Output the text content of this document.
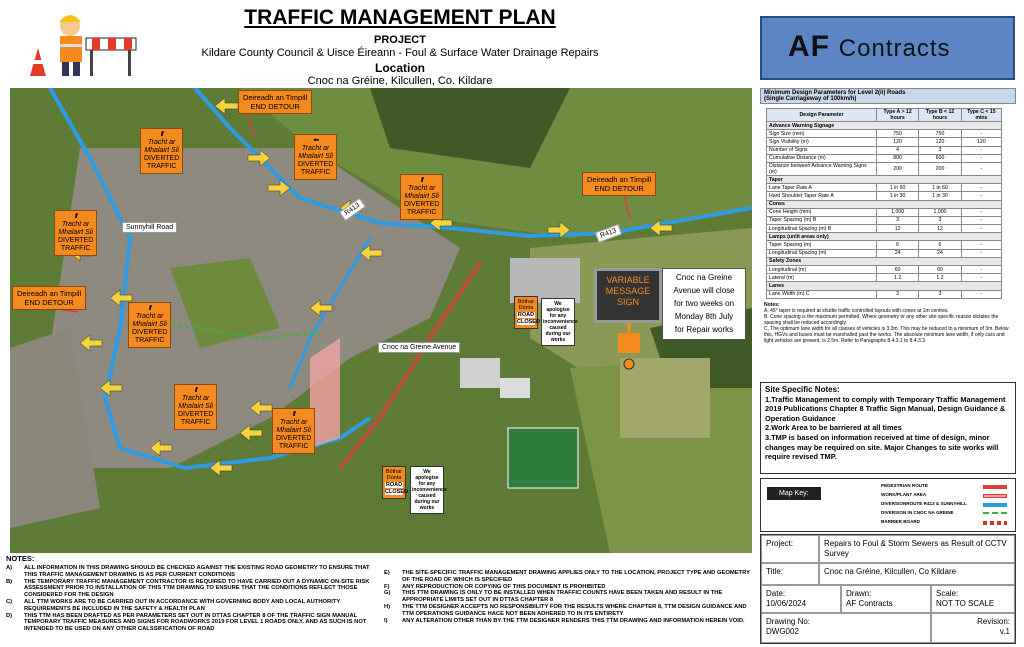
TRAFFIC MANAGEMENT PLAN
PROJECT
Kildare County Council & Uisce Éireann - Foul & Surface Water Drainage Repairs
Location
Cnoc na Gréine, Kilcullen, Co. Kildare
AF Contracts
Deireadh an Timpill
END DETOUR
Deireadh an Timpill
END DETOUR
Deireadh an Timpill
END DETOUR
⬆
Tracht ar
Mhalairt Sli
DIVERTED
TRAFFIC
⬅
Tracht ar
Mhalairt Sli
DIVERTED
TRAFFIC
⬆
Tracht ar
Mhalairt Sli
DIVERTED
TRAFFIC
⬆
Tracht ar
Mhalairt Sli
DIVERTED
TRAFFIC
⬆
Tracht ar
Mhalairt Sli
DIVERTED
TRAFFIC
⬆
Tracht ar
Mhalairt Sli
DIVERTED
TRAFFIC
⬆
Tracht ar
Mhalairt Sli
DIVERTED
TRAFFIC
Sunnyhill Road
Cnoc na Greine Avenue
R413
R413
VARIABLE
MESSAGE
SIGN
Cnoc na Greine
Avenue will close
for two weeks on
Monday 8th July
for Repair works
Bóthar
Dúnta
ROAD
CLOSED
We apologise for any inconvenience caused during our works
Bóthar
Dúnta
ROAD
CLOSED
We apologise for any inconvenience caused during our works
Minimum Design Parameters for Level 2(ii) Roads
(Single Carriageway of 100km/h)
Design Parameter	Type A > 12 hours	Type B < 12 hours	Type C < 15 mins
Advance Warning Signage			
Sign Size (mm)	750	750	-
Sign Visibility (m)	120	120	120
Number of Signs	4	3	-
Cumulative Distance (m)	800	600	-
Distance between Advance Warning Signs (m)	200	200	-
Taper			
Lane Taper Rate A	1 in 60	1 in 60	-
Hard Shoulder Taper Rate A	1 in 30	1 in 30	-
Cones			
Cone Height (mm)	1,000	1,000	-
Taper Spacing (m) B	3	3	-
Longitudinal Spacing (m) B	12	12	-
Lamps (unlit areas only)			
Taper Spacing (m)	6	6	-
Longitudinal Spacing (m)	24	24	-
Safety Zones			
Longitudinal (m)	60	60	-
Lateral (m)	1.2	1.2	-
Lanes			
Lane Width (m) C	3	3	-
Notes:
A. 45° taper is required at shuttle traffic controlled layouts with cones at 1m centres.
B. Cone spacing is the maximum permitted. Where geometry or any other site-specific reason dictates the spacing shall be reduced accordingly.
C. The optimum lane width for all classes of vehicles is 3.3m. This may be reduced to a minimum of 3m. Below this, HGVs and buses must be marshalled past the works. The absolute minimum lane width, if only cars and light vehicles are present, is 2.5m. Refer to Paragraphs 8.4.3.1 to 8.4.3.3.
Site Specific Notes:
1.Traffic Management to comply with Temporary Traffic Management 2019 Publications Chapter 8 Traffic Sign Manual, Design Guidance & Operation Guidance
2.Work Area to be barriered at all times
3.TMP is based on information received at time of design, minor changes may be required on site. Major Changes to site works will require revised TMP.
Map Key:
PEDESTRIAN ROUTE
WORK/PLANT AREA
DIVERSIONROUTE R413 & SUNNYHILL
DIVERSION IN CNOC NA GREINE
BARRIER BOARD
Project:	Repairs to Foul & Storm Sewers as Result of CCTV Survey
Title:	Cnoc na Gréine, Kilcullen, Co Kildare
Date:
10/06/2024
Drawn:
AF Contracts
Scale:
NOT TO SCALE
Drawing No:
DWG002
Revision:
v.1
NOTES:
A) ALL INFORMATION IN THIS DRAWING SHOULD BE CHECKED AGAINST THE EXISTING ROAD GEOMETRY TO ENSURE THAT THIS TRAFFIC MANAGEMENT DRAWING IS AS PER CURRENT CONDITIONS
B) THE TEMPORARY TRAFFIC MANAGEMENT CONTRACTOR IS REQUIRED TO HAVE CARRIED OUT A DYNAMIC ON-SITE RISK ASSESSMENT PRIOR TO INSTALLATION OF THIS TTM DRAWING TO ENSURE THAT THE CONDITIONS REFLECT THOSE CONSIDERED FOR THE DESIGN
C) ALL TTM WORKS ARE TO BE CARRIED OUT IN ACCORDANCE WITH GOVERNING BODY AND LOCAL AUTHORITY REQUIREMENTS BE INCLUDED IN THE SAFETY & HEALTH PLAN
D) THIS TTM HAS BEEN DRAFTED AS PER PARAMETERS SET OUT IN DTTAS CHAPTER 8 OF THE TRAFFIC SIGN MANUAL TEMPORARY TRAFFIC MEASURES AND SIGNS FOR ROADWORKS 2019 FOR LEVEL 1 ROADS ONLY. AND AS SUCH IS NOT INTENDED TO BE USED ON ANY OTHER CALSSIFICATION OF ROAD
E) THE SITE-SPECIFIC TRAFFIC MANAGEMENT DRAWING APPLIES ONLY TO THE LOCATION, PROJECT TYPE AND GEOMETRY OF THE ROAD OF WHICH IS SPECIFIED
F) ANY REPRODUCTION OR COPYING OF THIS DOCUMENT IS PROHIBITED
G) THIS TTM DRAWING IS ONLY TO BE INSTALLED WHEN TRAFFIC COUNTS HAVE BEEN TAKEN AND RESULT IN THE APPROPRIATE LIMITS SET OUT IN DTTAS CHAPTER 8
H) THE TTM DESIGNER ACCEPTS NO RESPONSIBILITY FOR THE RESULTS WHERE CHAPTER 8, TTM DESIGN GUIDANCE AND TTM OPERATIONS GUIDANCE HACE NOT BEEN ADHERED TO IN ITS ENTIRETY
I) ANY ALTERATION OTHER THAN BY THE TTM DESIGNER RENDERS THIS TTM DRAWING AND INFORMATION HEREIN VOID.
